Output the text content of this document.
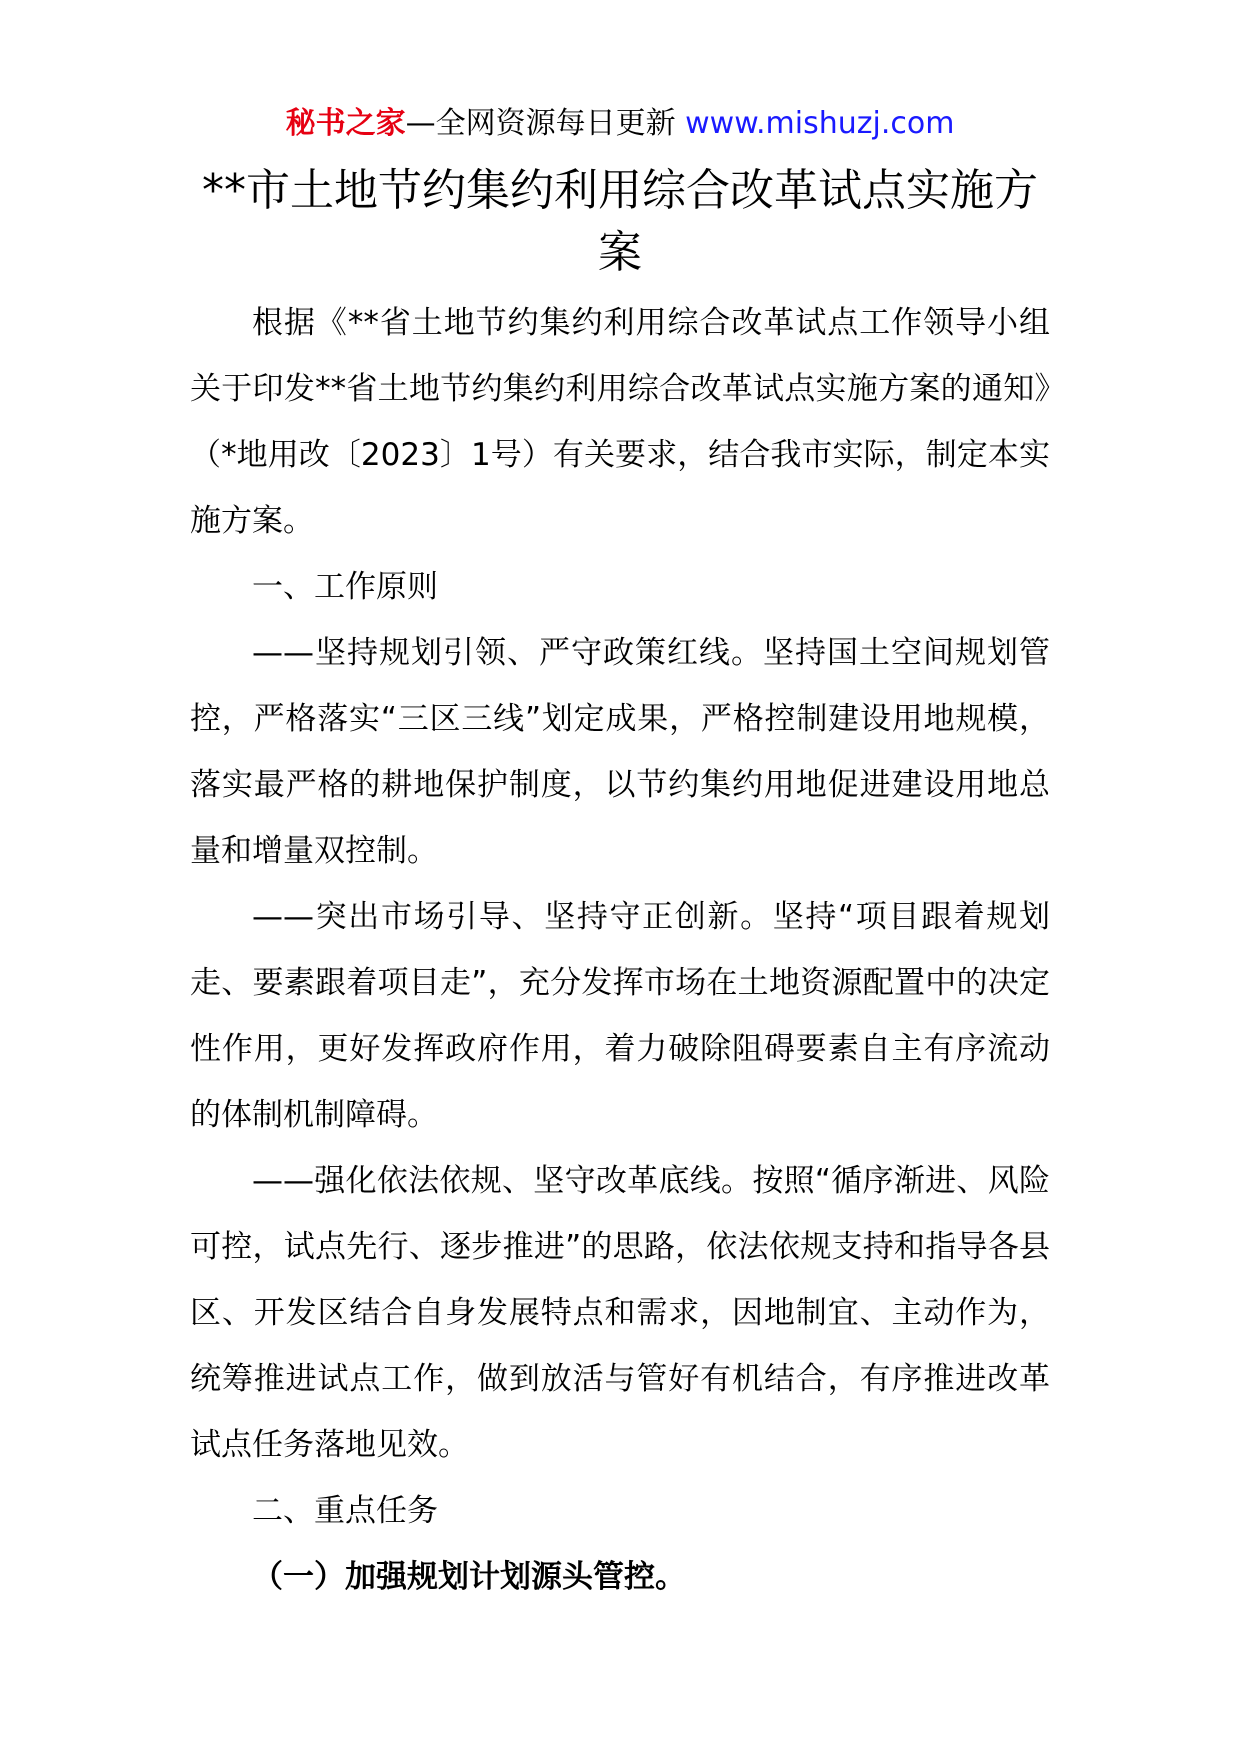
秘书之家—全网资源每日更新 www.mishuzj.com
**市土地节约集约利用综合改革试点实施方案

根据《**省土地节约集约利用综合改革试点工作领导小组关于印发**省土地节约集约利用综合改革试点实施方案的通知》（*地用改〔2023〕1号）有关要求，结合我市实际，制定本实施方案。

一、工作原则

——坚持规划引领、严守政策红线。坚持国土空间规划管控，严格落实“三区三线”划定成果，严格控制建设用地规模，落实最严格的耕地保护制度，以节约集约用地促进建设用地总量和增量双控制。

——突出市场引导、坚持守正创新。坚持“项目跟着规划走、要素跟着项目走”，充分发挥市场在土地资源配置中的决定性作用，更好发挥政府作用，着力破除阻碍要素自主有序流动的体制机制障碍。

——强化依法依规、坚守改革底线。按照“循序渐进、风险可控，试点先行、逐步推进”的思路，依法依规支持和指导各县区、开发区结合自身发展特点和需求，因地制宜、主动作为，统筹推进试点工作，做到放活与管好有机结合，有序推进改革试点任务落地见效。

二、重点任务

（一）加强规划计划源头管控。
